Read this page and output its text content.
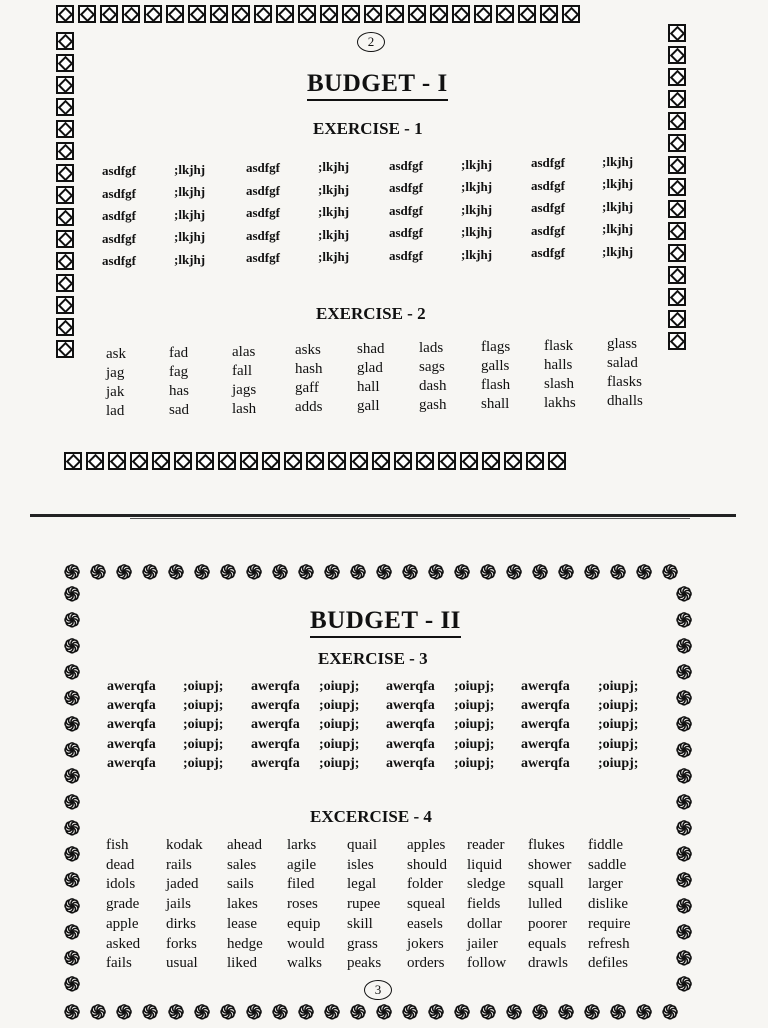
2
BUDGET - I
EXERCISE - 1
asdfgf	;lkjhj	asdfgf	;lkjhj	asdfgf	;lkjhj	asdfgf	;lkjhj
asdfgf	;lkjhj	asdfgf	;lkjhj	asdfgf	;lkjhj	asdfgf	;lkjhj
asdfgf	;lkjhj	asdfgf	;lkjhj	asdfgf	;lkjhj	asdfgf	;lkjhj
asdfgf	;lkjhj	asdfgf	;lkjhj	asdfgf	;lkjhj	asdfgf	;lkjhj
asdfgf	;lkjhj	asdfgf	;lkjhj	asdfgf	;lkjhj	asdfgf	;lkjhj
EXERCISE - 2
ask	fad	alas	asks shad lads	flags flask glass
jag	fag	fall	hash glad sags galls halls salad
jak	has	jags	gaff	hall	dash flash slash flasks
lad	sad	lash	adds gall	gash shall lakhs dhalls
֍ ֍ ֍ ֍ ֍ ֍ ֍ ֍ ֍ ֍ ֍ ֍ ֍ ֍ ֍ ֍ ֍ ֍ ֍ ֍ ֍ ֍ ֍ ֍
֍ ֍ ֍ ֍ ֍ ֍ ֍ ֍ ֍ ֍ ֍ ֍ ֍ ֍ ֍ ֍ ֍ ֍ ֍ ֍ ֍ ֍ ֍ ֍
֍
֍
֍
֍
֍
֍
֍
֍
֍
֍
֍
֍
֍
֍
֍
֍
֍
֍
֍
֍
֍
֍
֍
֍
֍
֍
֍
֍
֍
֍
֍
֍
BUDGET - II
EXERCISE - 3
awerqfa ;oiupj; awerqfa ;oiupj; awerqfa ;oiupj; awerqfa ;oiupj;
awerqfa ;oiupj; awerqfa ;oiupj; awerqfa ;oiupj; awerqfa ;oiupj;
awerqfa ;oiupj; awerqfa ;oiupj; awerqfa ;oiupj; awerqfa ;oiupj;
awerqfa ;oiupj; awerqfa ;oiupj; awerqfa ;oiupj; awerqfa ;oiupj;
awerqfa ;oiupj; awerqfa ;oiupj; awerqfa ;oiupj; awerqfa ;oiupj;
EXCERCISE - 4
fish	kodak ahead larks quail apples reader flukes fiddle
dead rails sales agile isles should liquid shower saddle
idols jaded sails filed legal folder sledge squall larger
grade jails lakes roses rupee squeal fields lulled dislike
apple dirks lease equip skill easels dollar poorer require
asked forks hedge would grass jokers jailer equals refresh
fails usual liked walks peaks orders follow drawls defiles
3
